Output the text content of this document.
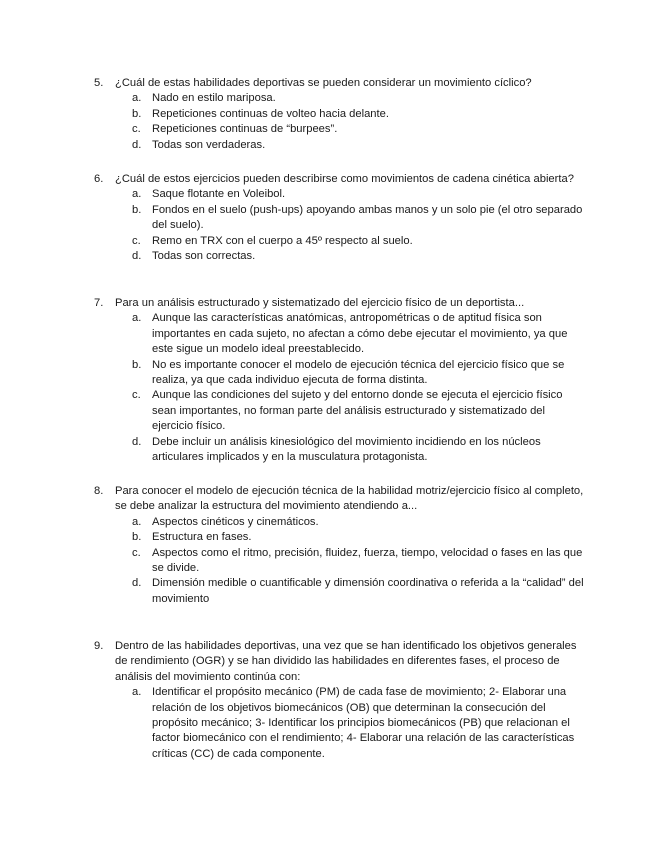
5. ¿Cuál de estas habilidades deportivas se pueden considerar un movimiento cíclico?
a. Nado en estilo mariposa.
b. Repeticiones continuas de volteo hacia delante.
c. Repeticiones continuas de “burpees”.
d. Todas son verdaderas.
6. ¿Cuál de estos ejercicios pueden describirse como movimientos de cadena cinética abierta?
a. Saque flotante en Voleibol.
b. Fondos en el suelo (push-ups) apoyando ambas manos y un solo pie (el otro separado del suelo).
c. Remo en TRX con el cuerpo a 45º respecto al suelo.
d. Todas son correctas.
7. Para un análisis estructurado y sistematizado del ejercicio físico de un deportista...
a. Aunque las características anatómicas, antropométricas o de aptitud física son importantes en cada sujeto, no afectan a cómo debe ejecutar el movimiento, ya que este sigue un modelo ideal preestablecido.
b. No es importante conocer el modelo de ejecución técnica del ejercicio físico que se realiza, ya que cada individuo ejecuta de forma distinta.
c. Aunque las condiciones del sujeto y del entorno donde se ejecuta el ejercicio físico sean importantes, no forman parte del análisis estructurado y sistematizado del ejercicio físico.
d. Debe incluir un análisis kinesiológico del movimiento incidiendo en los núcleos articulares implicados y en la musculatura protagonista.
8. Para conocer el modelo de ejecución técnica de la habilidad motriz/ejercicio físico al completo, se debe analizar la estructura del movimiento atendiendo a...
a. Aspectos cinéticos y cinemáticos.
b. Estructura en fases.
c. Aspectos como el ritmo, precisión, fluidez, fuerza, tiempo, velocidad o fases en las que se divide.
d. Dimensión medible o cuantificable y dimensión coordinativa o referida a la “calidad” del movimiento
9. Dentro de las habilidades deportivas, una vez que se han identificado los objetivos generales de rendimiento (OGR) y se han dividido las habilidades en diferentes fases, el proceso de análisis del movimiento continúa con:
a. Identificar el propósito mecánico (PM) de cada fase de movimiento; 2- Elaborar una relación de los objetivos biomecánicos (OB) que determinan la consecución del propósito mecánico; 3- Identificar los principios biomecánicos (PB) que relacionan el factor biomecánico con el rendimiento; 4- Elaborar una relación de las características críticas (CC) de cada componente.
